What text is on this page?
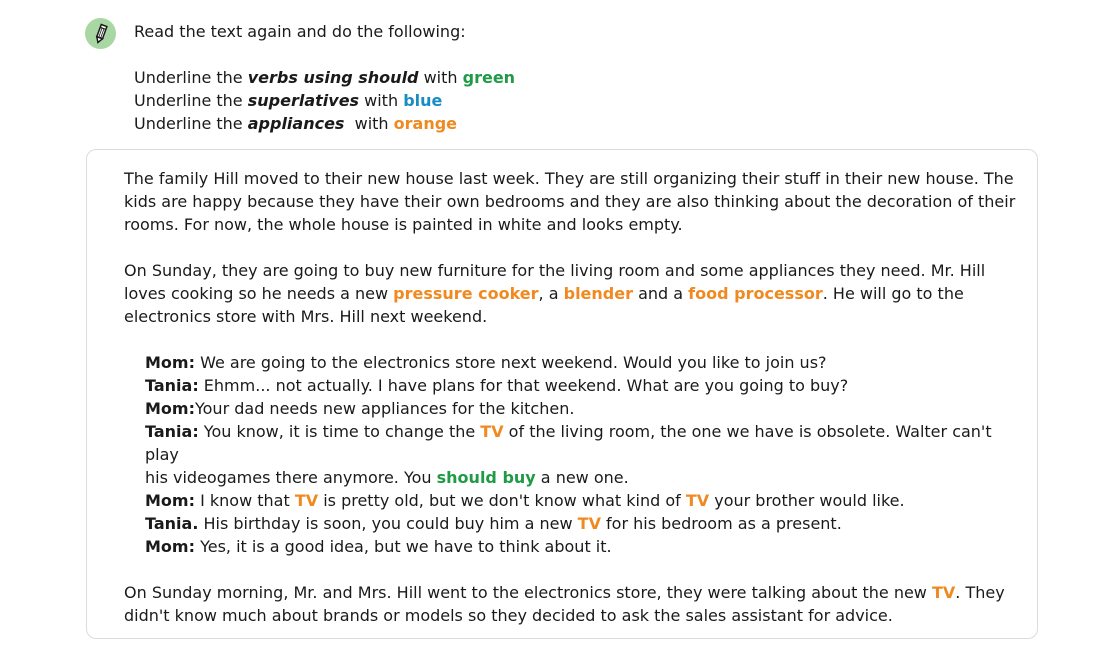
Read the text again and do the following:
Underline the verbs using should with green
Underline the superlatives with blue
Underline the appliances  with orange

The family Hill moved to their new house last week. They are still organizing their stuff in their new house. The kids are happy because they have their own bedrooms and they are also thinking about the decoration of their rooms. For now, the whole house is painted in white and looks empty.

On Sunday, they are going to buy new furniture for the living room and some appliances they need. Mr. Hill loves cooking so he needs a new pressure cooker, a blender and a food processor. He will go to the electronics store with Mrs. Hill next weekend.

Mom: We are going to the electronics store next weekend. Would you like to join us?
Tania: Ehmm... not actually. I have plans for that weekend. What are you going to buy?
Mom:Your dad needs new appliances for the kitchen.
Tania: You know, it is time to change the TV of the living room, the one we have is obsolete. Walter can't play
his videogames there anymore. You should buy a new one.
Mom: I know that TV is pretty old, but we don't know what kind of TV your brother would like.
Tania. His birthday is soon, you could buy him a new TV for his bedroom as a present.
Mom: Yes, it is a good idea, but we have to think about it.

On Sunday morning, Mr. and Mrs. Hill went to the electronics store, they were talking about the new TV. They didn't know much about brands or models so they decided to ask the sales assistant for advice.
